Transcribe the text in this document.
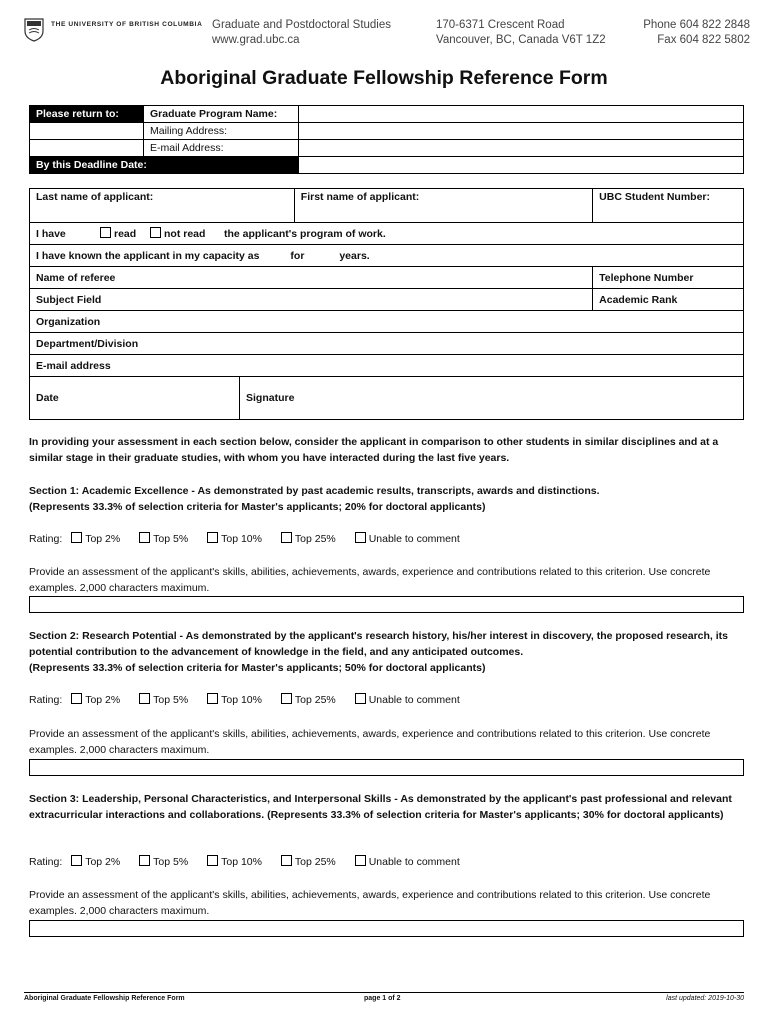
THE UNIVERSITY OF BRITISH COLUMBIA Graduate and Postdoctoral Studies
www.grad.ubc.ca
170-6371 Crescent Road
Vancouver, BC, Canada V6T 1Z2
Phone 604 822 2848
Fax 604 822 5802
Aboriginal Graduate Fellowship Reference Form
Please return to:	Graduate Program Name:	
	Mailing Address:	
	E-mail Address:	
By this Deadline Date:		
Last name of applicant:		First name of applicant:	UBC Student Number:
I have read not read the applicant's program of work.			
I have known the applicant in my capacity as for years.			
Name of referee			Telephone Number
Subject Field			Academic Rank
Organization			
Department/Division			
E-mail address			
Date	Signature		
In providing your assessment in each section below, consider the applicant in comparison to other students in similar disciplines and at a similar stage in their graduate studies, with whom you have interacted during the last five years.
Section 1: Academic Excellence - As demonstrated by past academic results, transcripts, awards and distinctions.
(Represents 33.3% of selection criteria for Master's applicants; 20% for doctoral applicants)
Rating: Top 2%	Top 5%	Top 10%	Top 25%	Unable to comment
Provide an assessment of the applicant's skills, abilities, achievements, awards, experience and contributions related to this criterion. Use concrete examples. 2,000 characters maximum.
Section 2: Research Potential - As demonstrated by the applicant's research history, his/her interest in discovery, the proposed research, its potential contribution to the advancement of knowledge in the field, and any anticipated outcomes.
(Represents 33.3% of selection criteria for Master's applicants; 50% for doctoral applicants)
Rating: Top 2%	Top 5%	Top 10%	Top 25%	Unable to comment
Provide an assessment of the applicant's skills, abilities, achievements, awards, experience and contributions related to this criterion. Use concrete examples. 2,000 characters maximum.
Section 3: Leadership, Personal Characteristics, and Interpersonal Skills - As demonstrated by the applicant's past professional and relevant extracurricular interactions and collaborations. (Represents 33.3% of selection criteria for Master's applicants; 30% for doctoral applicants)
Rating: Top 2%	Top 5%	Top 10%	Top 25%	Unable to comment
Provide an assessment of the applicant's skills, abilities, achievements, awards, experience and contributions related to this criterion. Use concrete examples. 2,000 characters maximum.
Aboriginal Graduate Fellowship Reference Form	page 1 of 2	last updated: 2019-10-30
